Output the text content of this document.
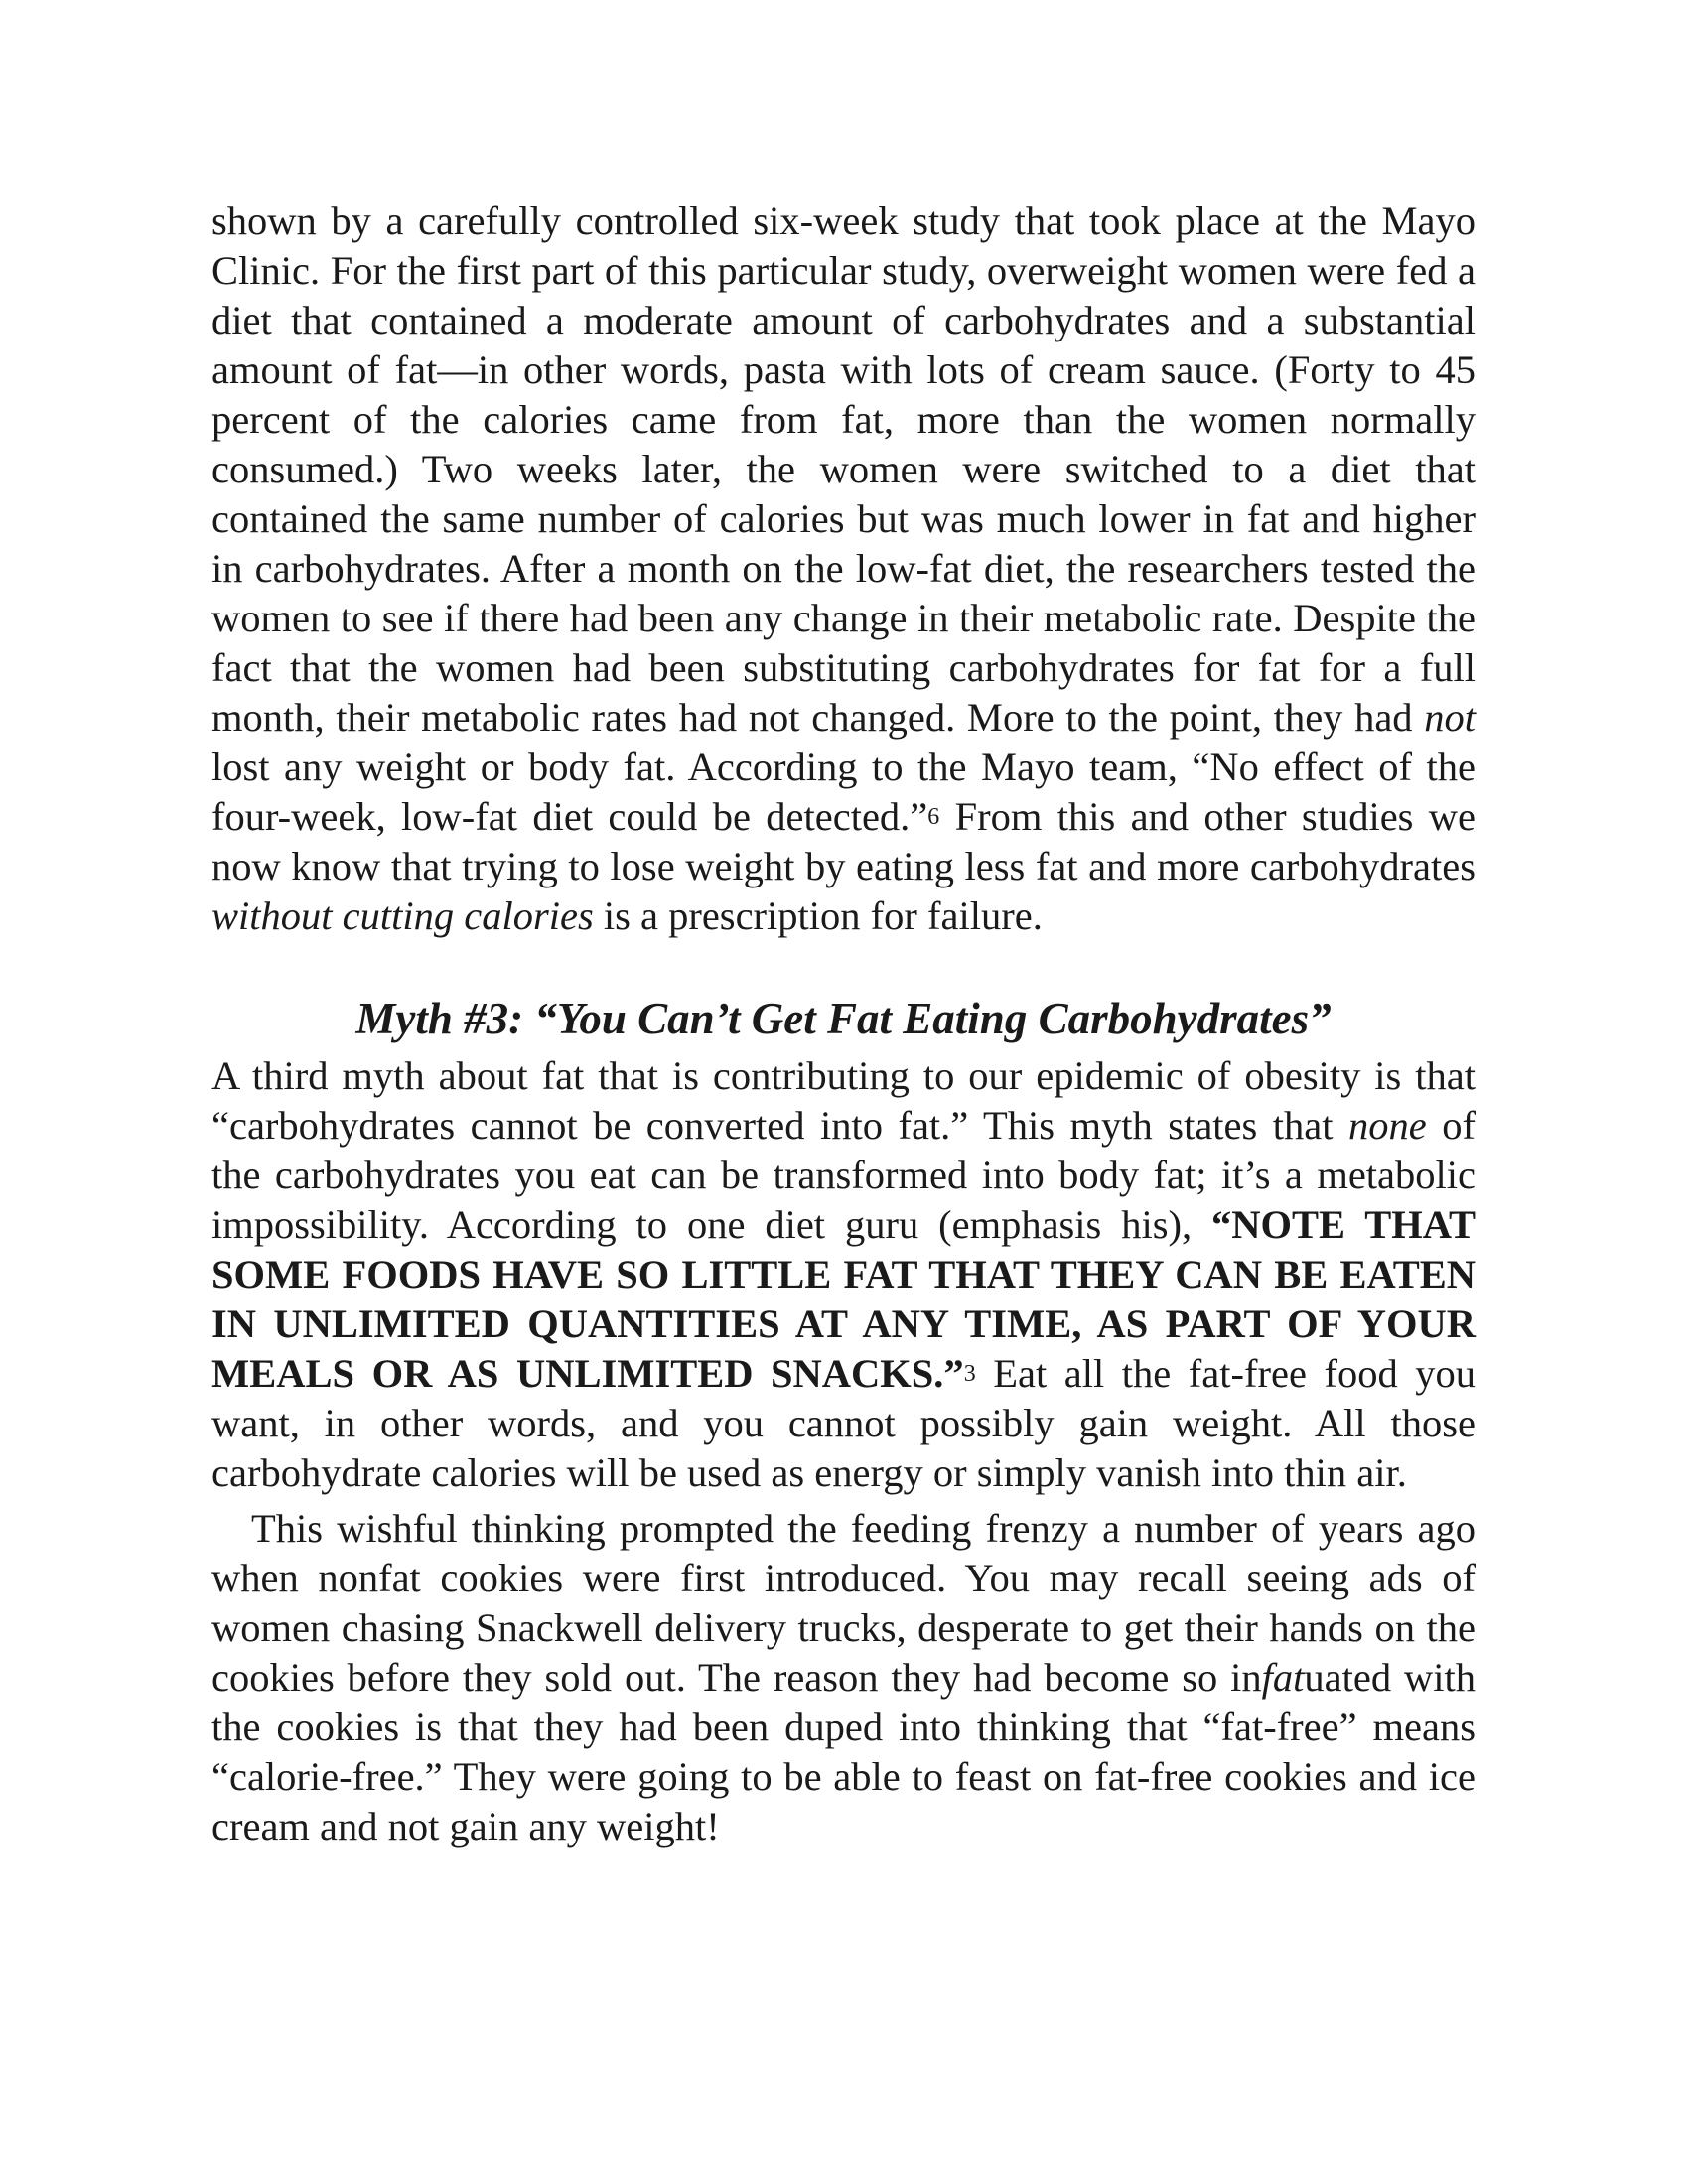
shown by a carefully controlled six-week study that took place at the Mayo Clinic. For the first part of this particular study, overweight women were fed a diet that contained a moderate amount of carbohydrates and a substantial amount of fat—in other words, pasta with lots of cream sauce. (Forty to 45 percent of the calories came from fat, more than the women normally consumed.) Two weeks later, the women were switched to a diet that contained the same number of calories but was much lower in fat and higher in carbohydrates. After a month on the low-fat diet, the researchers tested the women to see if there had been any change in their metabolic rate. Despite the fact that the women had been substituting carbohydrates for fat for a full month, their metabolic rates had not changed. More to the point, they had not lost any weight or body fat. According to the Mayo team, “No effect of the four-week, low-fat diet could be detected.”$^6$ From this and other studies we now know that trying to lose weight by eating less fat and more carbohydrates without cutting calories is a prescription for failure.

Myth #3: “You Can’t Get Fat Eating Carbohydrates”

A third myth about fat that is contributing to our epidemic of obesity is that “carbohydrates cannot be converted into fat.” This myth states that none of the carbohydrates you eat can be transformed into body fat; it’s a metabolic impossibility. According to one diet guru (emphasis his), “NOTE THAT SOME FOODS HAVE SO LITTLE FAT THAT THEY CAN BE EATEN IN UNLIMITED QUANTITIES AT ANY TIME, AS PART OF YOUR MEALS OR AS UNLIMITED SNACKS.”$^3$ Eat all the fat-free food you want, in other words, and you cannot possibly gain weight. All those carbohydrate calories will be used as energy or simply vanish into thin air.

This wishful thinking prompted the feeding frenzy a number of years ago when nonfat cookies were first introduced. You may recall seeing ads of women chasing Snackwell delivery trucks, desperate to get their hands on the cookies before they sold out. The reason they had become so infatuated with the cookies is that they had been duped into thinking that “fat-free” means “calorie-free.” They were going to be able to feast on fat-free cookies and ice cream and not gain any weight!
